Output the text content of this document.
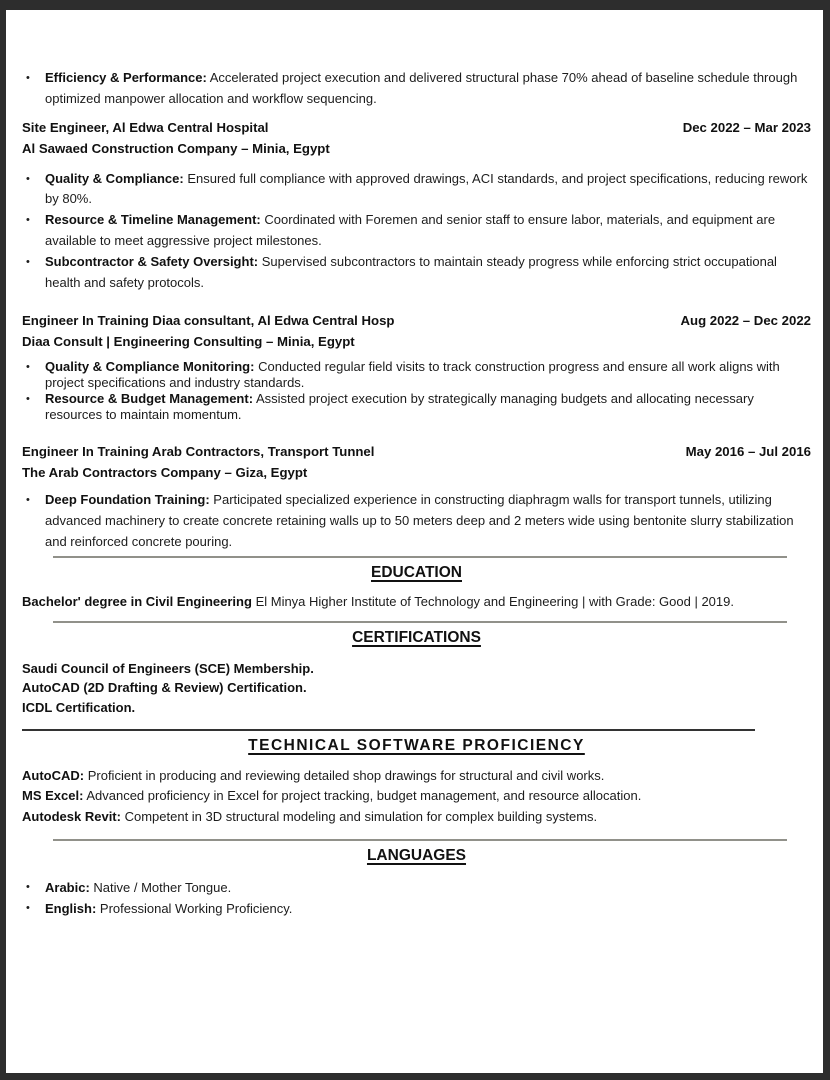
• Efficiency & Performance: Accelerated project execution and delivered structural phase 70% ahead of baseline schedule through optimized manpower allocation and workflow sequencing.
Site Engineer, Al Edwa Central Hospital	Dec 2022 – Mar 2023
Al Sawaed Construction Company – Minia, Egypt
• Quality & Compliance: Ensured full compliance with approved drawings, ACI standards, and project specifications, reducing rework by 80%.
• Resource & Timeline Management: Coordinated with Foremen and senior staff to ensure labor, materials, and equipment are available to meet aggressive project milestones.
• Subcontractor & Safety Oversight: Supervised subcontractors to maintain steady progress while enforcing strict occupational health and safety protocols.
Engineer In Training Diaa consultant, Al Edwa Central Hosp	Aug 2022 – Dec 2022
Diaa Consult | Engineering Consulting – Minia, Egypt
• Quality & Compliance Monitoring: Conducted regular field visits to track construction progress and ensure all work aligns with project specifications and industry standards.
• Resource & Budget Management: Assisted project execution by strategically managing budgets and allocating necessary resources to maintain momentum.
Engineer In Training Arab Contractors, Transport Tunnel	May 2016 – Jul 2016
The Arab Contractors Company – Giza, Egypt
• Deep Foundation Training: Participated specialized experience in constructing diaphragm walls for transport tunnels, utilizing advanced machinery to create concrete retaining walls up to 50 meters deep and 2 meters wide using bentonite slurry stabilization and reinforced concrete pouring.
EDUCATION
Bachelor' degree in Civil Engineering El Minya Higher Institute of Technology and Engineering | with Grade: Good | 2019.
CERTIFICATIONS
Saudi Council of Engineers (SCE) Membership.
AutoCAD (2D Drafting & Review) Certification.
ICDL Certification.
TECHNICAL SOFTWARE PROFICIENCY
AutoCAD: Proficient in producing and reviewing detailed shop drawings for structural and civil works.
MS Excel: Advanced proficiency in Excel for project tracking, budget management, and resource allocation.
Autodesk Revit: Competent in 3D structural modeling and simulation for complex building systems.
LANGUAGES
• Arabic: Native / Mother Tongue.
• English: Professional Working Proficiency.
